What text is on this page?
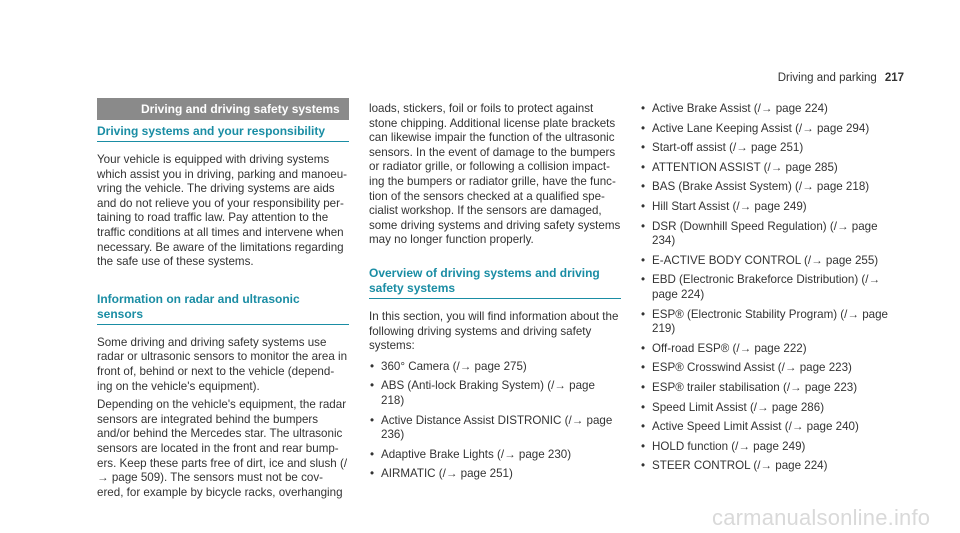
Driving and parking 217
Driving and driving safety systems
Driving systems and your responsibility

Your vehicle is equipped with driving systems which assist you in driving, parking and manoeu-vring the vehicle. The driving systems are aids and do not relieve you of your responsibility per-taining to road traffic law. Pay attention to the traffic conditions at all times and intervene when necessary. Be aware of the limitations regarding the safe use of these systems.

Information on radar and ultrasonic sensors

Some driving and driving safety systems use radar or ultrasonic sensors to monitor the area in front of, behind or next to the vehicle (depend-ing on the vehicle's equipment).

Depending on the vehicle's equipment, the radar sensors are integrated behind the bumpers and/or behind the Mercedes star. The ultrasonic sensors are located in the front and rear bump-ers. Keep these parts free of dirt, ice and slush (/→ page 509). The sensors must not be cov-ered, for example by bicycle racks, overhanging

loads, stickers, foil or foils to protect against stone chipping. Additional license plate brackets can likewise impair the function of the ultrasonic sensors. In the event of damage to the bumpers or radiator grille, or following a collision impact-ing the bumpers or radiator grille, have the func-tion of the sensors checked at a qualified spe-cialist workshop. If the sensors are damaged, some driving systems and driving safety systems may no longer function properly.

Overview of driving systems and driving safety systems

In this section, you will find information about the following driving systems and driving safety systems:

• 360° Camera (/→ page 275)
• ABS (Anti-lock Braking System) (/→ page 218)
• Active Distance Assist DISTRONIC (/→ page 236)
• Adaptive Brake Lights (/→ page 230)
• AIRMATIC (/→ page 251)
• Active Brake Assist (/→ page 224)
• Active Lane Keeping Assist (/→ page 294)
• Start-off assist (/→ page 251)
• ATTENTION ASSIST (/→ page 285)
• BAS (Brake Assist System) (/→ page 218)
• Hill Start Assist (/→ page 249)
• DSR (Downhill Speed Regulation) (/→ page 234)
• E-ACTIVE BODY CONTROL (/→ page 255)
• EBD (Electronic Brakeforce Distribution) (/→ page 224)
• ESP® (Electronic Stability Program) (/→ page 219)
• Off-road ESP® (/→ page 222)
• ESP® Crosswind Assist (/→ page 223)
• ESP® trailer stabilisation (/→ page 223)
• Speed Limit Assist (/→ page 286)
• Active Speed Limit Assist (/→ page 240)
• HOLD function (/→ page 249)
• STEER CONTROL (/→ page 224)
carmanualsonline.info
